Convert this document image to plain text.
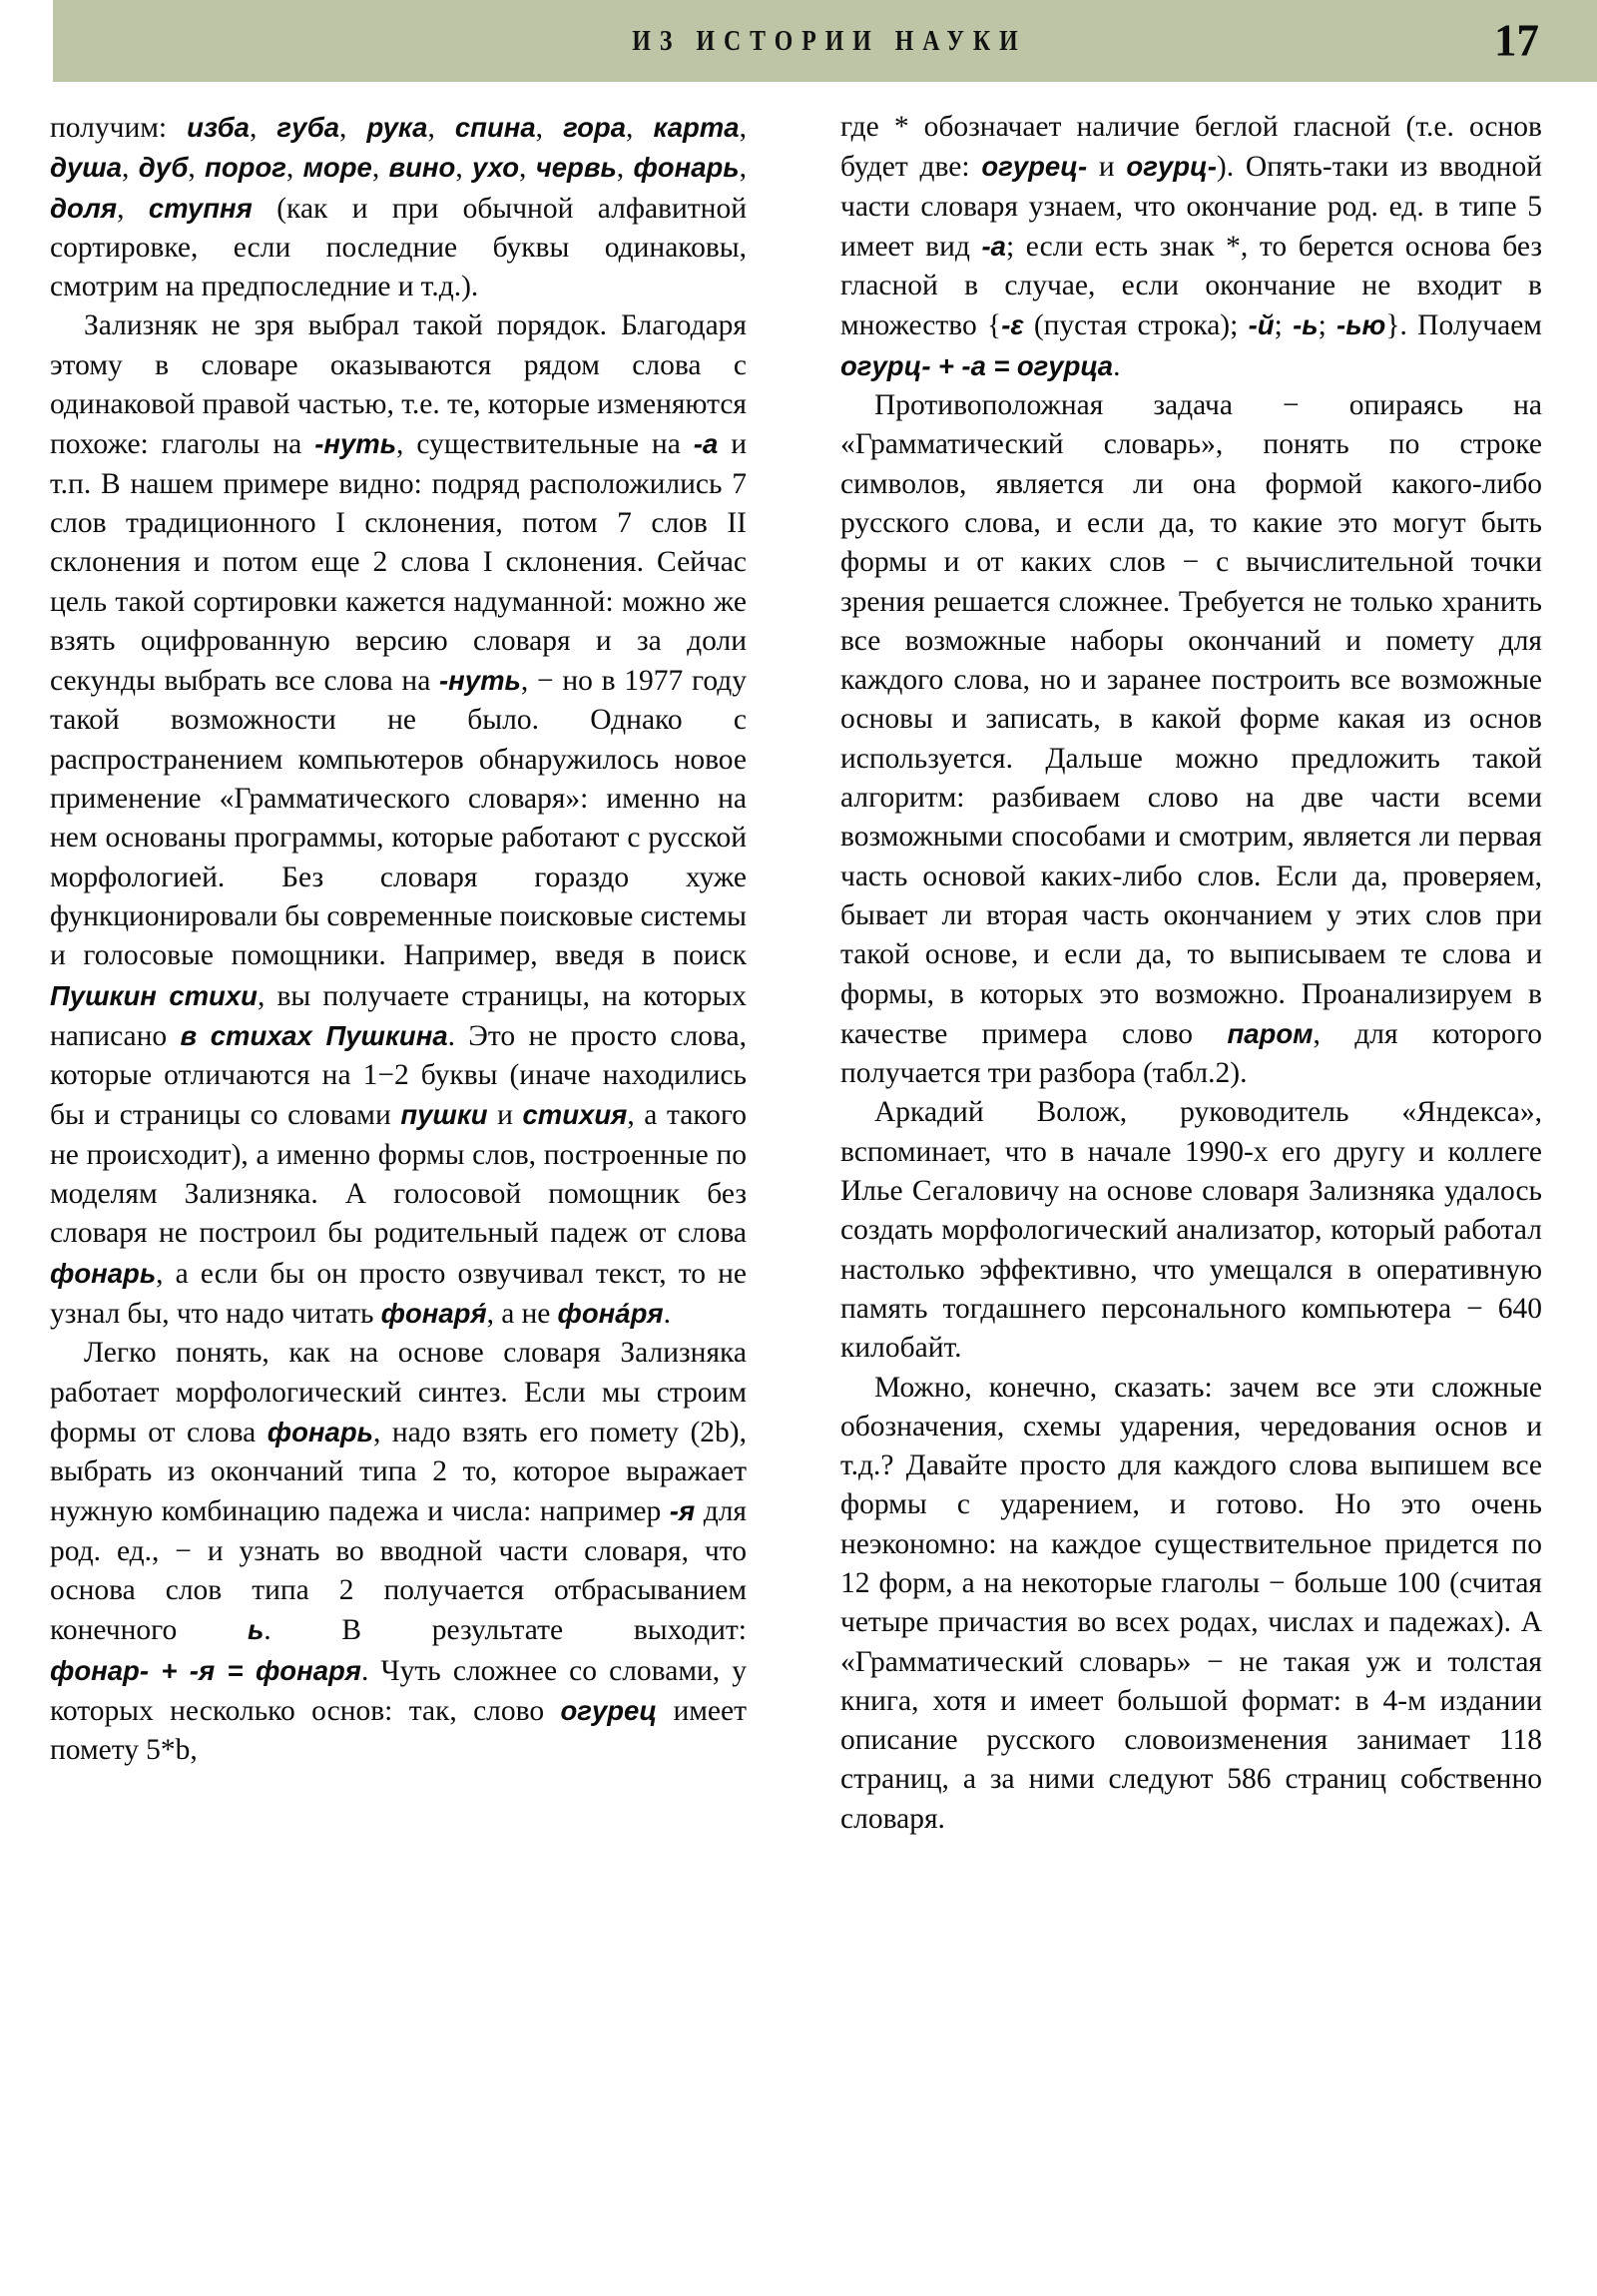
ИЗ ИСТОРИИ НАУКИ	17

получим: изба, губа, рука, спина, гора, карта, душа, дуб, порог, море, вино, ухо, червь, фонарь, доля, ступня (как и при обычной алфавитной сортировке, если последние буквы одинаковы, смотрим на предпоследние и т.д.).

Зализняк не зря выбрал такой порядок. Благодаря этому в словаре оказываются рядом слова с одинаковой правой частью, т.е. те, которые изменяются похоже: глаголы на -нуть, существительные на -а и т.п. В нашем примере видно: подряд расположились 7 слов традиционного I склонения, потом 7 слов II склонения и потом еще 2 слова I склонения. Сейчас цель такой сортировки кажется надуманной: можно же взять оцифрованную версию словаря и за доли секунды выбрать все слова на -нуть, − но в 1977 году такой возможности не было. Однако с распространением компьютеров обнаружилось новое применение «Грамматического словаря»: именно на нем основаны программы, которые работают с русской морфологией. Без словаря гораздо хуже функционировали бы современные поисковые системы и голосовые помощники. Например, введя в поиск Пушкин стихи, вы получаете страницы, на которых написано в стихах Пушкина. Это не просто слова, которые отличаются на 1−2 буквы (иначе находились бы и страницы со словами пушки и стихия, а такого не происходит), а именно формы слов, построенные по моделям Зализняка. А голосовой помощник без словаря не построил бы родительный падеж от слова фонарь, а если бы он просто озвучивал текст, то не узнал бы, что надо читать фонаря́, а не фона́ря.

Легко понять, как на основе словаря Зализняка работает морфологический синтез. Если мы строим формы от слова фонарь, надо взять его помету (2b), выбрать из окончаний типа 2 то, которое выражает нужную комбинацию падежа и числа: например -я для род. ед., − и узнать во вводной части словаря, что основа слов типа 2 получается отбрасыванием конечного ь. В результате выходит: фонар- + -я = фонаря. Чуть сложнее со словами, у которых несколько основ: так, слово огурец имеет помету 5*b,

где * обозначает наличие беглой гласной (т.е. основ будет две: огурец- и огурц-). Опять-таки из вводной части словаря узнаем, что окончание род. ед. в типе 5 имеет вид -а; если есть знак *, то берется основа без гласной в случае, если окончание не входит в множество {-ε (пустая строка); -й; -ь; -ью}. Получаем огурц- + -а = огурца.

Противоположная задача − опираясь на «Грамматический словарь», понять по строке символов, является ли она формой какого-либо русского слова, и если да, то какие это могут быть формы и от каких слов − с вычислительной точки зрения решается сложнее. Требуется не только хранить все возможные наборы окончаний и помету для каждого слова, но и заранее построить все возможные основы и записать, в какой форме какая из основ используется. Дальше можно предложить такой алгоритм: разбиваем слово на две части всеми возможными способами и смотрим, является ли первая часть основой каких-либо слов. Если да, проверяем, бывает ли вторая часть окончанием у этих слов при такой основе, и если да, то выписываем те слова и формы, в которых это возможно. Проанализируем в качестве примера слово паром, для которого получается три разбора (табл.2).

Аркадий Волож, руководитель «Яндекса», вспоминает, что в начале 1990-х его другу и коллеге Илье Сегаловичу на основе словаря Зализняка удалось создать морфологический анализатор, который работал настолько эффективно, что умещался в оперативную память тогдашнего персонального компьютера − 640 килобайт.

Можно, конечно, сказать: зачем все эти сложные обозначения, схемы ударения, чередования основ и т.д.? Давайте просто для каждого слова выпишем все формы с ударением, и готово. Но это очень неэкономно: на каждое существительное придется по 12 форм, а на некоторые глаголы − больше 100 (считая четыре причастия во всех родах, числах и падежах). А «Грамматический словарь» − не такая уж и толстая книга, хотя и имеет большой формат: в 4-м издании описание русского словоизменения занимает 118 страниц, а за ними следуют 586 страниц собственно словаря.
